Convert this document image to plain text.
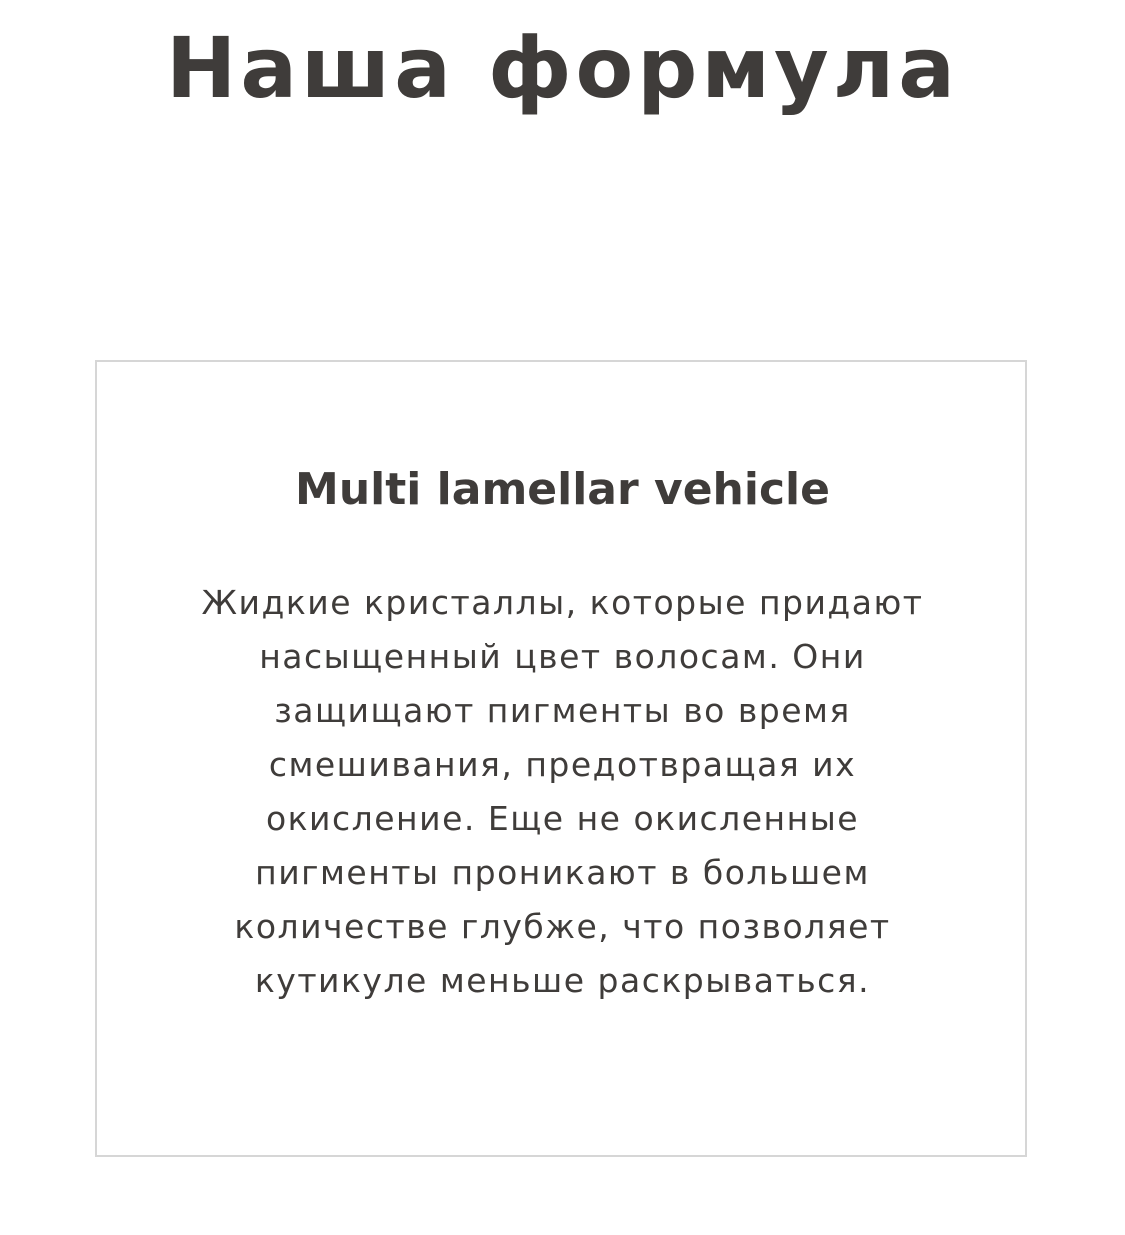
Наша формула
Multi lamellar vehicle

Жидкие кристаллы, которые придают
насыщенный цвет волосам. Они
защищают пигменты во время
смешивания, предотвращая их
окисление. Еще не окисленные
пигменты проникают в большем
количестве глубже, что позволяет
кутикуле меньше раскрываться.
